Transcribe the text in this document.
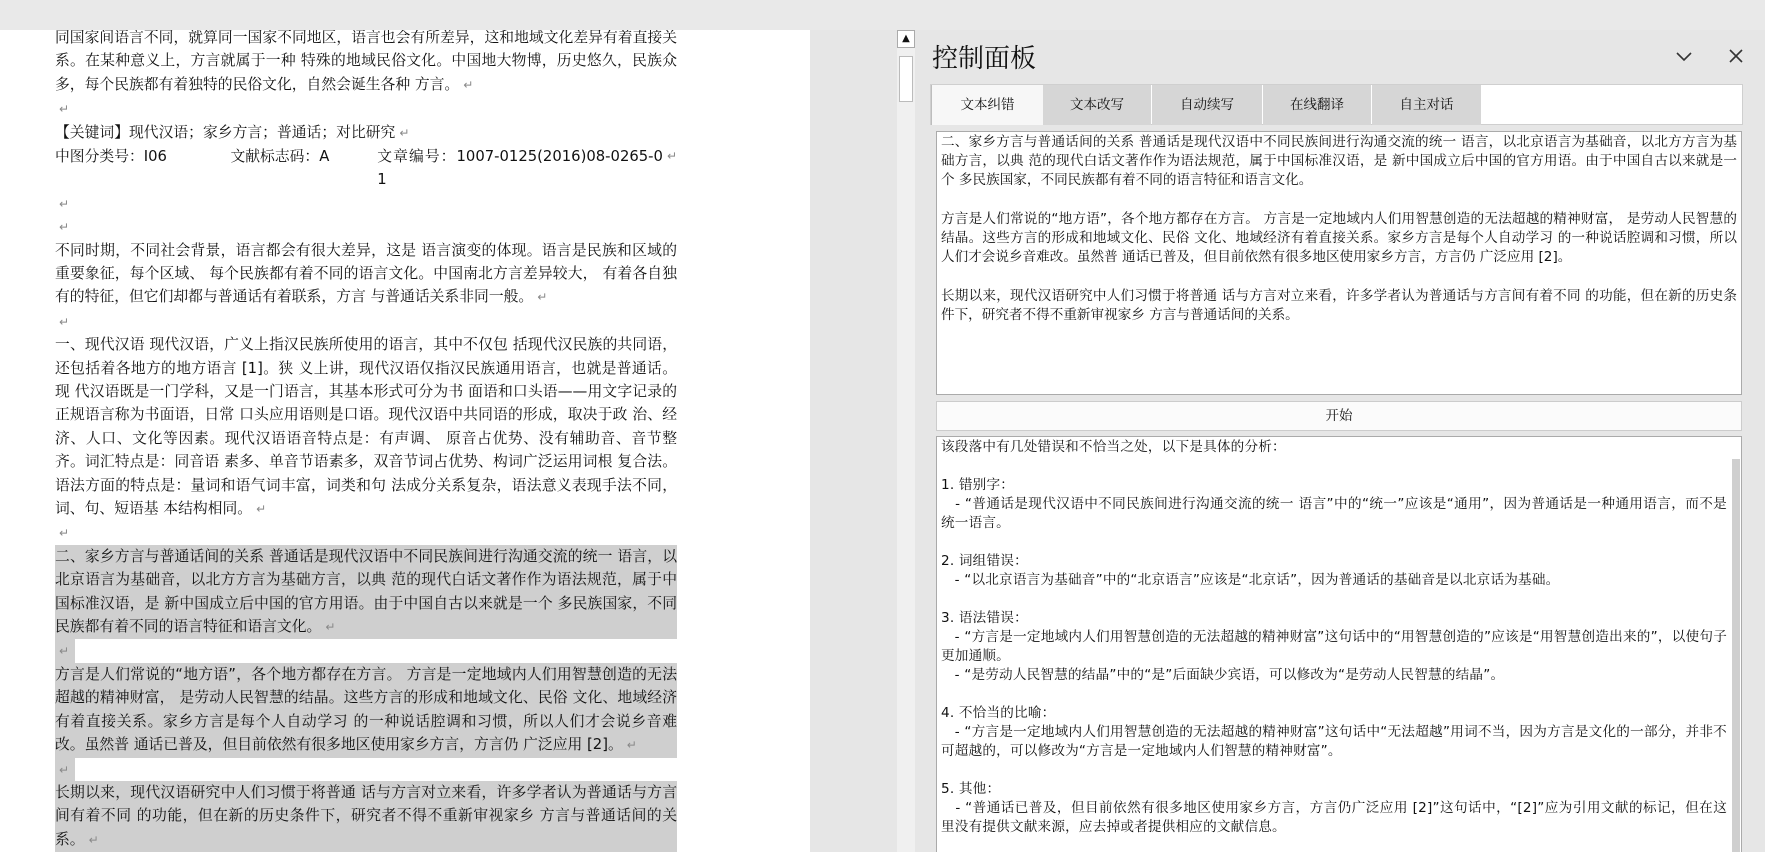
同国家间语言不同，就算同一国家不同地区，语言也会有所差异，这和地域文化差异有着直接关系。在某种意义上，方言就属于一种 特殊的地域民俗文化。中国地大物博，历史悠久，民族众多，每个民族都有着独特的民俗文化，自然会诞生各种 方言。 ↵

↵

【关键词】现代汉语；家乡方言；普通话；对比研究 ↵

中图分类号：I06	文献标志码：A	文章编号：1007-0125(2016)08-0265-01
↵

↵
↵

不同时期，不同社会背景，语言都会有很大差异，这是 语言演变的体现。语言是民族和区域的重要象征，每个区域、 每个民族都有着不同的语言文化。中国南北方言差异较大， 有着各自独有的特征，但它们却都与普通话有着联系，方言 与普通话关系非同一般。 ↵

↵

一、现代汉语 现代汉语，广义上指汉民族所使用的语言，其中不仅包 括现代汉民族的共同语，还包括着各地方的地方语言 [1]。狭 义上讲，现代汉语仅指汉民族通用语言，也就是普通话。现 代汉语既是一门学科，又是一门语言，其基本形式可分为书 面语和口头语——用文字记录的正规语言称为书面语，日常 口头应用语则是口语。现代汉语中共同语的形成，取决于政 治、经济、人口、文化等因素。现代汉语语音特点是：有声调、 原音占优势、没有辅助音、音节整齐。词汇特点是：同音语 素多、单音节语素多，双音节词占优势、构词广泛运用词根 复合法。语法方面的特点是：量词和语气词丰富，词类和句 法成分关系复杂，语法意义表现手法不同，词、句、短语基 本结构相同。 ↵

↵

二、家乡方言与普通话间的关系 普通话是现代汉语中不同民族间进行沟通交流的统一 语言，以北京语言为基础音，以北方方言为基础方言，以典 范的现代白话文著作作为语法规范，属于中国标准汉语，是 新中国成立后中国的官方用语。由于中国自古以来就是一个 多民族国家，不同民族都有着不同的语言特征和语言文化。 ↵

↵

方言是人们常说的“地方语”，各个地方都存在方言。 方言是一定地域内人们用智慧创造的无法超越的精神财富， 是劳动人民智慧的结晶。这些方言的形成和地域文化、民俗 文化、地域经济有着直接关系。家乡方言是每个人自动学习 的一种说话腔调和习惯，所以人们才会说乡音难改。虽然普 通话已普及，但目前依然有很多地区使用家乡方言，方言仍 广泛应用 [2]。 ↵

↵

长期以来，现代汉语研究中人们习惯于将普通 话与方言对立来看，许多学者认为普通话与方言间有着不同 的功能，但在新的历史条件下，研究者不得不重新审视家乡 方言与普通话间的关系。 ↵

▲
控制面板
文本纠错	文本改写	自动续写	在线翻译	自主对话
二、家乡方言与普通话间的关系 普通话是现代汉语中不同民族间进行沟通交流的统一 语言，以北京语言为基础音，以北方方言为基础方言，以典 范的现代白话文著作作为语法规范，属于中国标准汉语，是 新中国成立后中国的官方用语。由于中国自古以来就是一个 多民族国家，不同民族都有着不同的语言特征和语言文化。

方言是人们常说的“地方语”，各个地方都存在方言。 方言是一定地域内人们用智慧创造的无法超越的精神财富， 是劳动人民智慧的结晶。这些方言的形成和地域文化、民俗 文化、地域经济有着直接关系。家乡方言是每个人自动学习 的一种说话腔调和习惯，所以人们才会说乡音难改。虽然普 通话已普及，但目前依然有很多地区使用家乡方言，方言仍 广泛应用 [2]。

长期以来，现代汉语研究中人们习惯于将普通 话与方言对立来看，许多学者认为普通话与方言间有着不同 的功能，但在新的历史条件下，研究者不得不重新审视家乡 方言与普通话间的关系。
开始
该段落中有几处错误和不恰当之处，以下是具体的分析：

1. 错别字：
- “普通话是现代汉语中不同民族间进行沟通交流的统一 语言”中的“统一”应该是“通用”，因为普通话是一种通用语言，而不是统一语言。

2. 词组错误：
- “以北京语言为基础音”中的“北京语言”应该是“北京话”，因为普通话的基础音是以北京话为基础。

3. 语法错误：
- “方言是一定地域内人们用智慧创造的无法超越的精神财富”这句话中的“用智慧创造的”应该是“用智慧创造出来的”，以使句子更加通顺。
- “是劳动人民智慧的结晶”中的“是”后面缺少宾语，可以修改为“是劳动人民智慧的结晶”。

4. 不恰当的比喻：
- “方言是一定地域内人们用智慧创造的无法超越的精神财富”这句话中“无法超越”用词不当，因为方言是文化的一部分，并非不可超越的，可以修改为“方言是一定地域内人们智慧的精神财富”。

5. 其他：
- “普通话已普及，但目前依然有很多地区使用家乡方言，方言仍广泛应用 [2]”这句话中，“[2]”应为引用文献的标记，但在这里没有提供文献来源，应去掉或者提供相应的文献信息。
